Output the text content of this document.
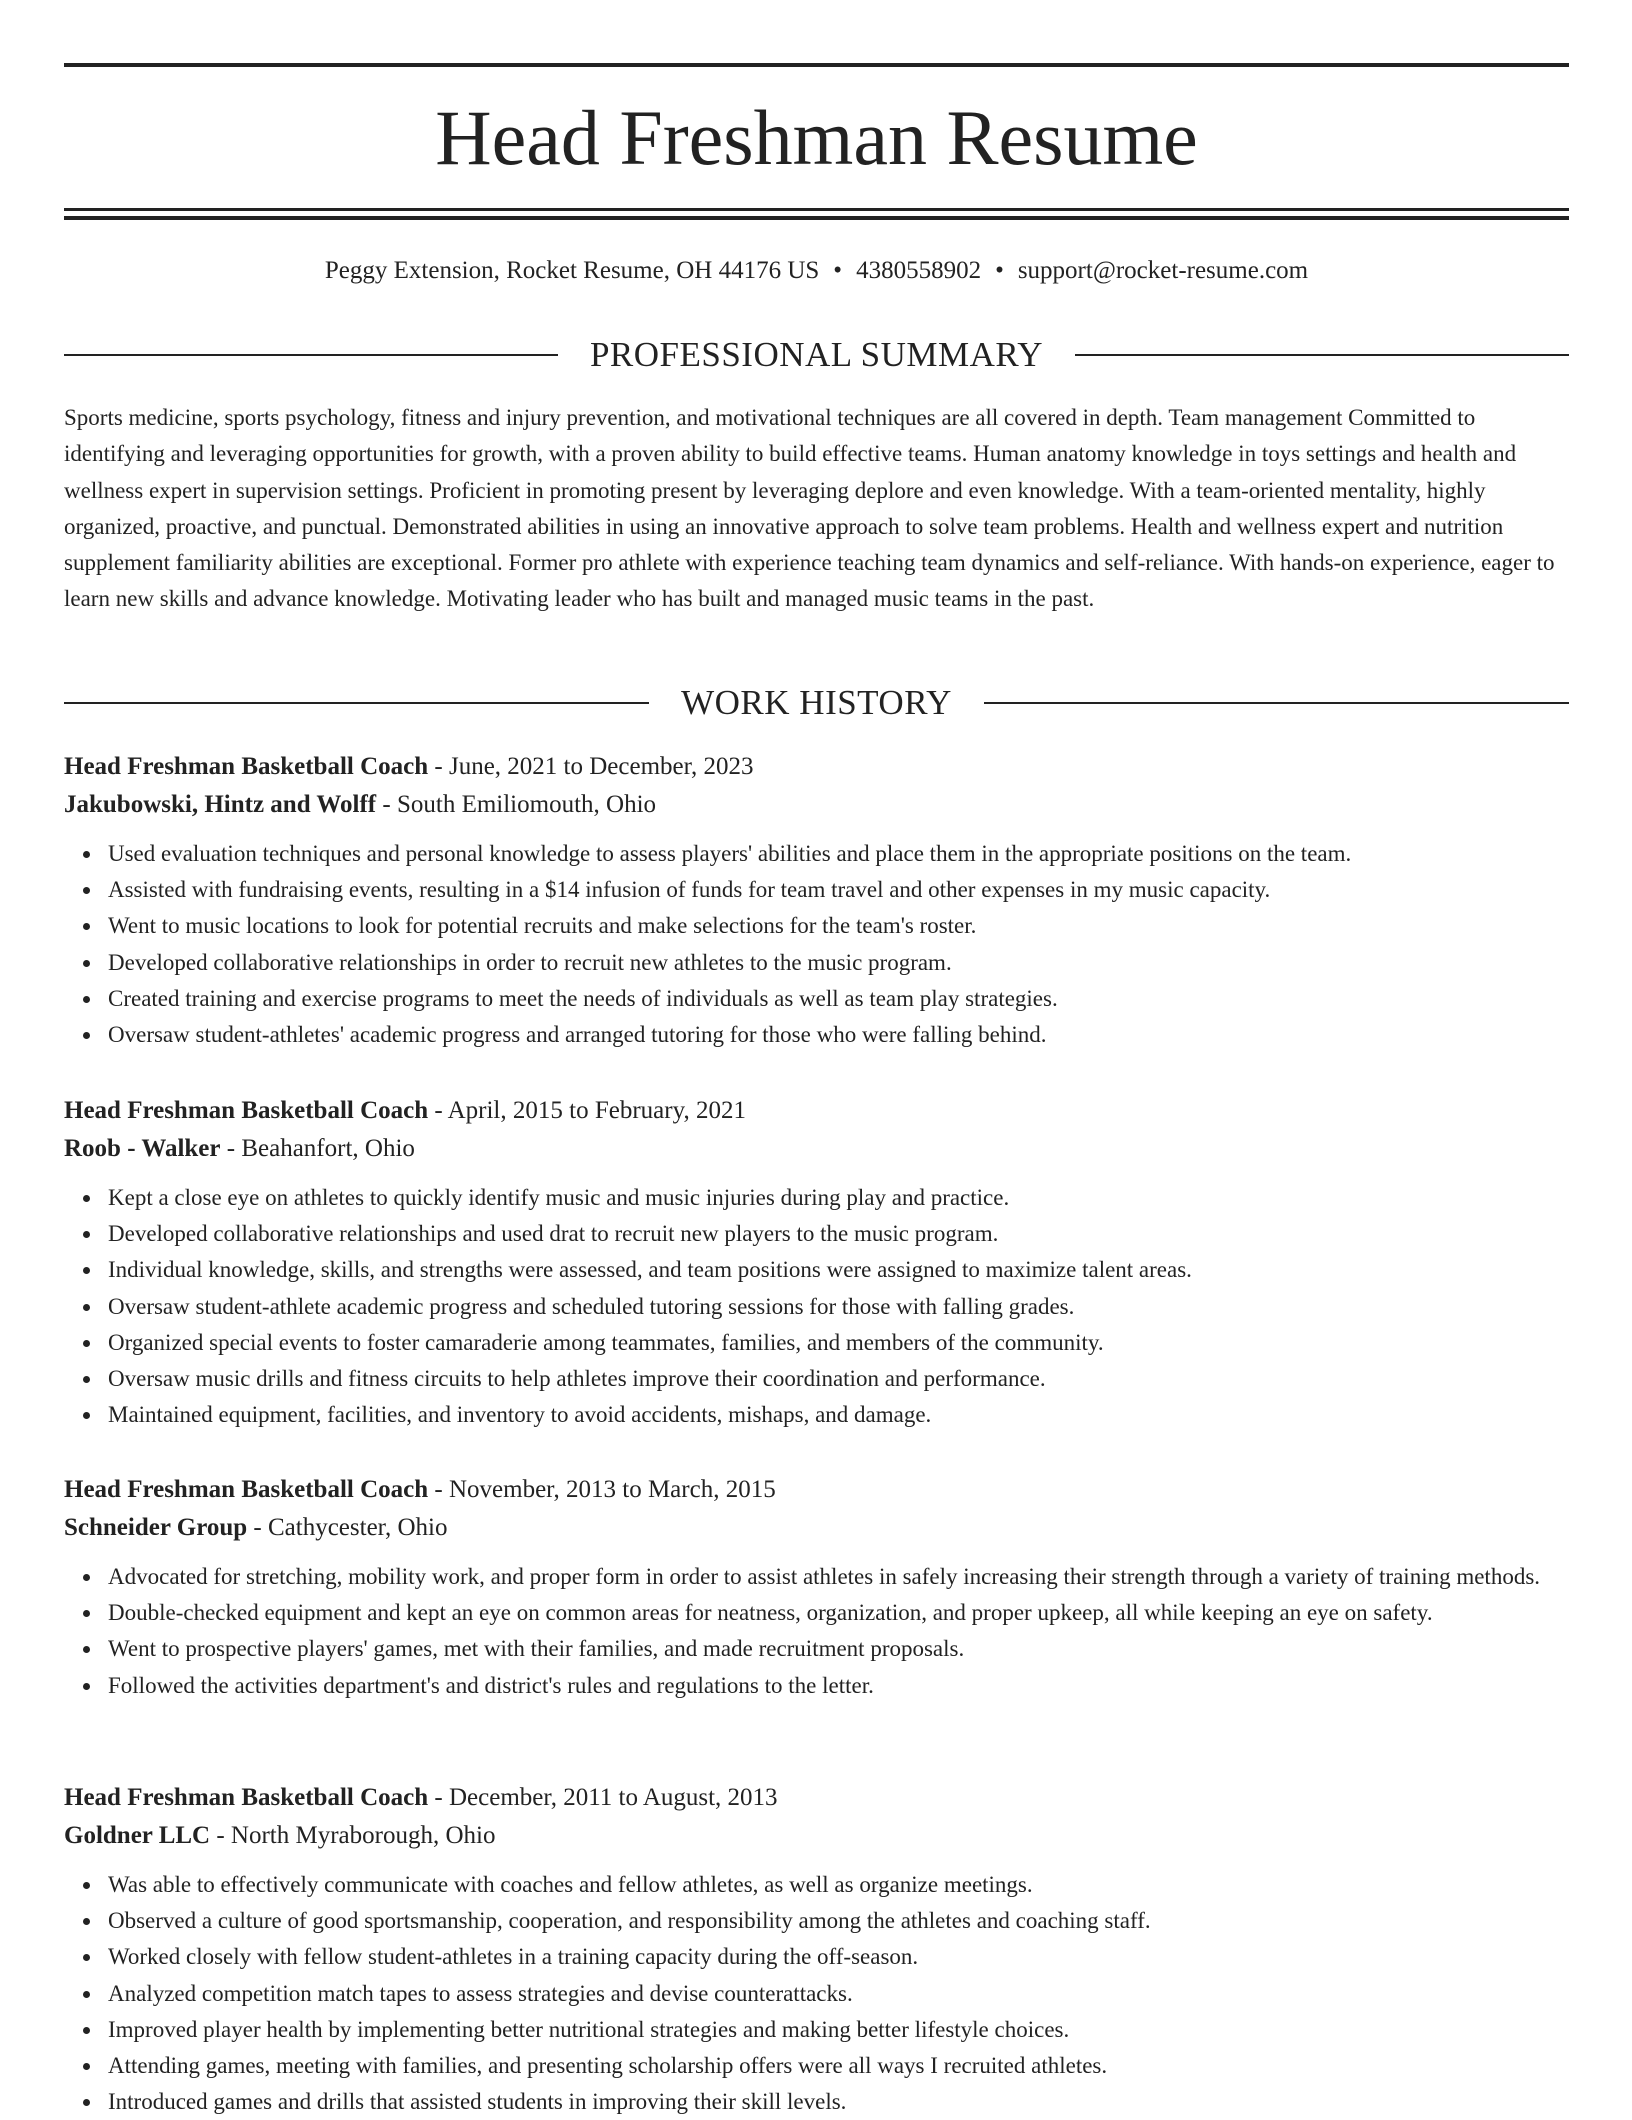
Head Freshman Resume
Peggy Extension, Rocket Resume, OH 44176 US • 4380558902 • support@rocket-resume.com
PROFESSIONAL SUMMARY

Sports medicine, sports psychology, fitness and injury prevention, and motivational techniques are all covered in depth. Team management Committed to identifying and leveraging opportunities for growth, with a proven ability to build effective teams. Human anatomy knowledge in toys settings and health and wellness expert in supervision settings. Proficient in promoting present by leveraging deplore and even knowledge. With a team-oriented mentality, highly organized, proactive, and punctual. Demonstrated abilities in using an innovative approach to solve team problems. Health and wellness expert and nutrition supplement familiarity abilities are exceptional. Former pro athlete with experience teaching team dynamics and self-reliance. With hands-on experience, eager to learn new skills and advance knowledge. Motivating leader who has built and managed music teams in the past.

WORK HISTORY
Head Freshman Basketball Coach - June, 2021 to December, 2023
Jakubowski, Hintz and Wolff - South Emiliomouth, Ohio
Used evaluation techniques and personal knowledge to assess players' abilities and place them in the appropriate positions on the team.
Assisted with fundraising events, resulting in a $14 infusion of funds for team travel and other expenses in my music capacity.
Went to music locations to look for potential recruits and make selections for the team's roster.
Developed collaborative relationships in order to recruit new athletes to the music program.
Created training and exercise programs to meet the needs of individuals as well as team play strategies.
Oversaw student-athletes' academic progress and arranged tutoring for those who were falling behind.
Head Freshman Basketball Coach - April, 2015 to February, 2021
Roob - Walker - Beahanfort, Ohio
Kept a close eye on athletes to quickly identify music and music injuries during play and practice.
Developed collaborative relationships and used drat to recruit new players to the music program.
Individual knowledge, skills, and strengths were assessed, and team positions were assigned to maximize talent areas.
Oversaw student-athlete academic progress and scheduled tutoring sessions for those with falling grades.
Organized special events to foster camaraderie among teammates, families, and members of the community.
Oversaw music drills and fitness circuits to help athletes improve their coordination and performance.
Maintained equipment, facilities, and inventory to avoid accidents, mishaps, and damage.
Head Freshman Basketball Coach - November, 2013 to March, 2015
Schneider Group - Cathycester, Ohio
Advocated for stretching, mobility work, and proper form in order to assist athletes in safely increasing their strength through a variety of training methods.
Double-checked equipment and kept an eye on common areas for neatness, organization, and proper upkeep, all while keeping an eye on safety.
Went to prospective players' games, met with their families, and made recruitment proposals.
Followed the activities department's and district's rules and regulations to the letter.
Head Freshman Basketball Coach - December, 2011 to August, 2013
Goldner LLC - North Myraborough, Ohio
Was able to effectively communicate with coaches and fellow athletes, as well as organize meetings.
Observed a culture of good sportsmanship, cooperation, and responsibility among the athletes and coaching staff.
Worked closely with fellow student-athletes in a training capacity during the off-season.
Analyzed competition match tapes to assess strategies and devise counterattacks.
Improved player health by implementing better nutritional strategies and making better lifestyle choices.
Attending games, meeting with families, and presenting scholarship offers were all ways I recruited athletes.
Introduced games and drills that assisted students in improving their skill levels.
